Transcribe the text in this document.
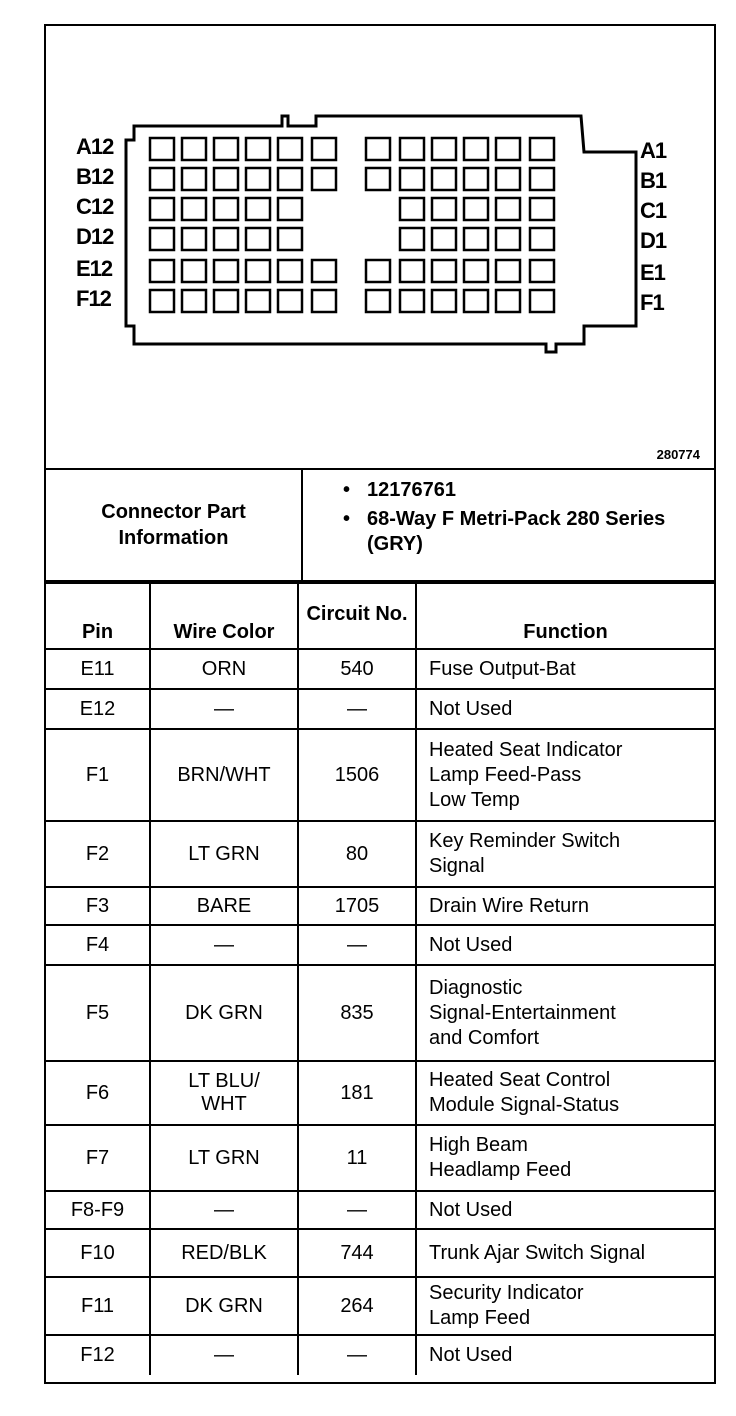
A12
B12
C12
D12
E12
F12
A1
B1
C1
D1
E1
F1
280774
Connector Part Information
• 12176761
• 68-Way F Metri-Pack 280 Series (GRY)
Pin	Wire Color	Circuit No.	Function
E11	ORN	540	Fuse Output-Bat
E12	—	—	Not Used
F1	BRN/WHT	1506	Heated Seat Indicator
Lamp Feed-Pass
Low Temp
F2	LT GRN	80	Key Reminder Switch
Signal
F3	BARE	1705	Drain Wire Return
F4	—	—	Not Used
F5	DK GRN	835	Diagnostic
Signal-Entertainment
and Comfort
F6	LT BLU/
WHT	181	Heated Seat Control
Module Signal-Status
F7	LT GRN	11	High Beam
Headlamp Feed
F8-F9	—	—	Not Used
F10	RED/BLK	744	Trunk Ajar Switch Signal
F11	DK GRN	264	Security Indicator
Lamp Feed
F12	—	—	Not Used
